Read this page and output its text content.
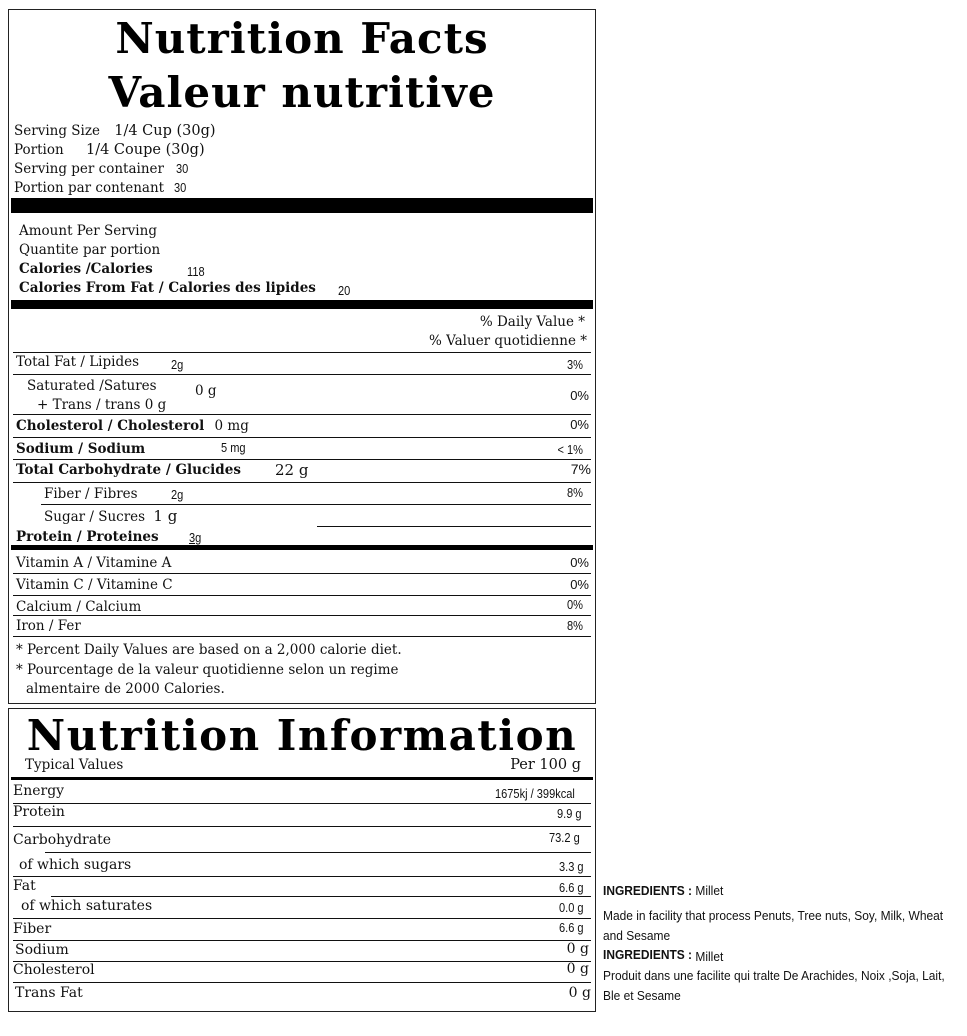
Nutrition Facts
Valeur nutritive
Serving Size 1/4 Cup (30g)
Portion 1/4 Coupe (30g)
Serving per container 30
Portion par contenant 30
Amount Per Serving
Quantite par portion
Calories /Calories	118
Calories From Fat / Calories des lipides 20
% Daily Value *
% Valuer quotidienne *
Total Fat / Lipides 2g	3%
Saturated /Satures	0 g	0%
+ Trans / trans 0 g
Cholesterol / Cholesterol 0 mg	0%
Sodium / Sodium	5 mg	< 1%
Total Carbohydrate / Glucides 22 g	7%
Fiber / Fibres	2g	8%
Sugar / Sucres 1 g
Protein / Proteines 3g
Vitamin A / Vitamine A	0%
Vitamin C / Vitamine C	0%
Calcium / Calcium	0%
Iron / Fer	8%
* Percent Daily Values are based on a 2,000 calorie diet.
* Pourcentage de la valeur quotidienne selon un regime
almentaire de 2000 Calories.
Nutrition Information
Typical Values	Per 100 g
Energy	1675kj / 399kcal
Protein	9.9 g
Carbohydrate	73.2 g
of which sugars	3.3 g
Fat	6.6 g
of which saturates	0.0 g
Fiber	6.6 g
Sodium	0 g
Cholesterol	0 g
Trans Fat	0 g
INGREDIENTS : Millet
Made in facility that process Penuts, Tree nuts, Soy, Milk, Wheat
and Sesame
INGREDIENTS : Millet
Produit dans une facilite qui tralte De Arachides, Noix ,Soja, Lait,
Ble et Sesame
